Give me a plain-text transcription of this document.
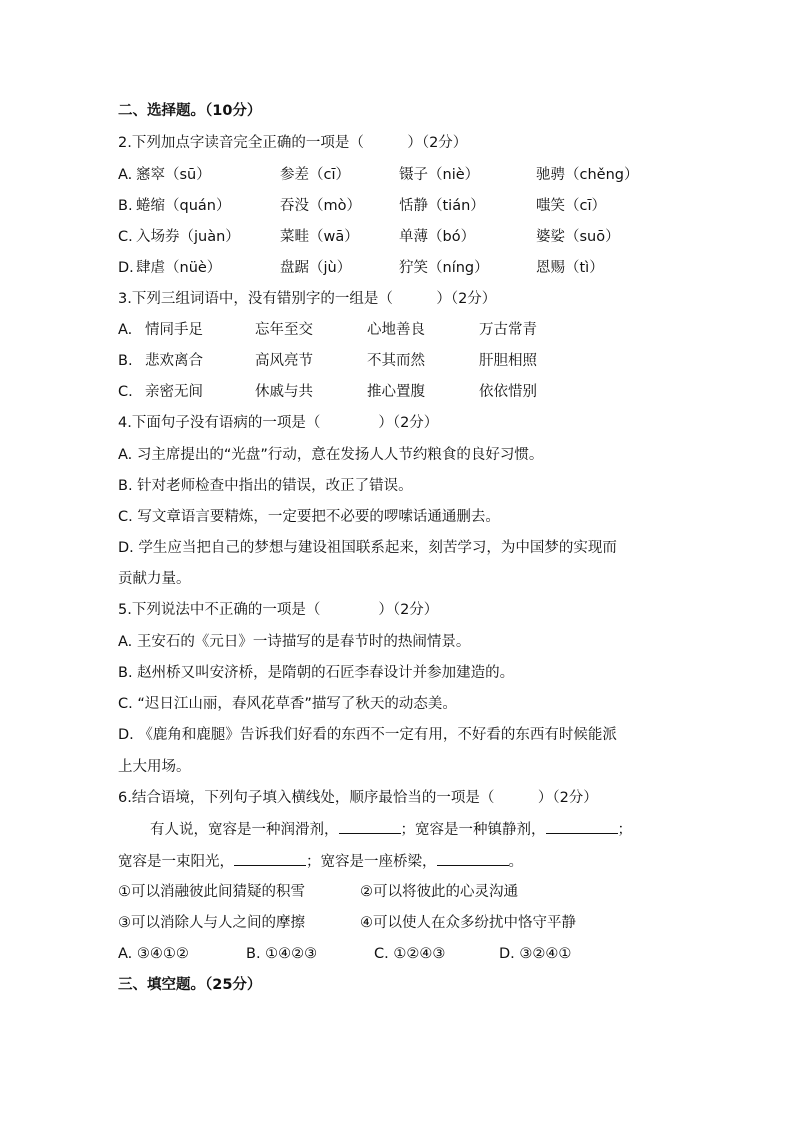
二、选择题。（10分）
2.下列加点字读音完全正确的一项是（　　　）（2分）
A. 窸窣（sū）	参差（cī）	镊子（niè）	驰骋（chěng）
B. 蜷缩（quán）	吞没（mò）	恬静（tián）	嗤笑（cī）
C. 入场券（juàn）	菜畦（wā）	单薄（bó）	婆娑（suō）
D. 肆虐（nüè）	盘踞（jù）	狞笑（níng）	恩赐（tì）
3.下列三组词语中，没有错别字的一组是（　　　）（2分）
A. 情同手足	忘年至交	心地善良	万古常青
B. 悲欢离合	高风亮节	不其而然	肝胆相照
C. 亲密无间	休戚与共	推心置腹	依依惜别
4.下面句子没有语病的一项是（　　　　）（2分）
A. 习主席提出的“光盘”行动，意在发扬人人节约粮食的良好习惯。
B. 针对老师检查中指出的错误，改正了错误。
C. 写文章语言要精炼，一定要把不必要的啰嗦话通通删去。
D. 学生应当把自己的梦想与建设祖国联系起来，刻苦学习，为中国梦的实现而
贡献力量。
5.下列说法中不正确的一项是（　　　　）（2分）
A. 王安石的《元日》一诗描写的是春节时的热闹情景。
B. 赵州桥又叫安济桥，是隋朝的石匠李春设计并参加建造的。
C. “迟日江山丽，春风花草香”描写了秋天的动态美。
D. 《鹿角和鹿腿》告诉我们好看的东西不一定有用，不好看的东西有时候能派
上大用场。
6.结合语境，下列句子填入横线处，顺序最恰当的一项是（　　　）（2分）
有人说，宽容是一种润滑剂，	；宽容是一种镇静剂，	；
宽容是一束阳光，	；宽容是一座桥梁，	。
①可以消融彼此间猜疑的积雪	②可以将彼此的心灵沟通
③可以消除人与人之间的摩擦	④可以使人在众多纷扰中恪守平静
A. ③④①②	B. ①④②③	C. ①②④③	D. ③②④①
三、填空题。（25分）
